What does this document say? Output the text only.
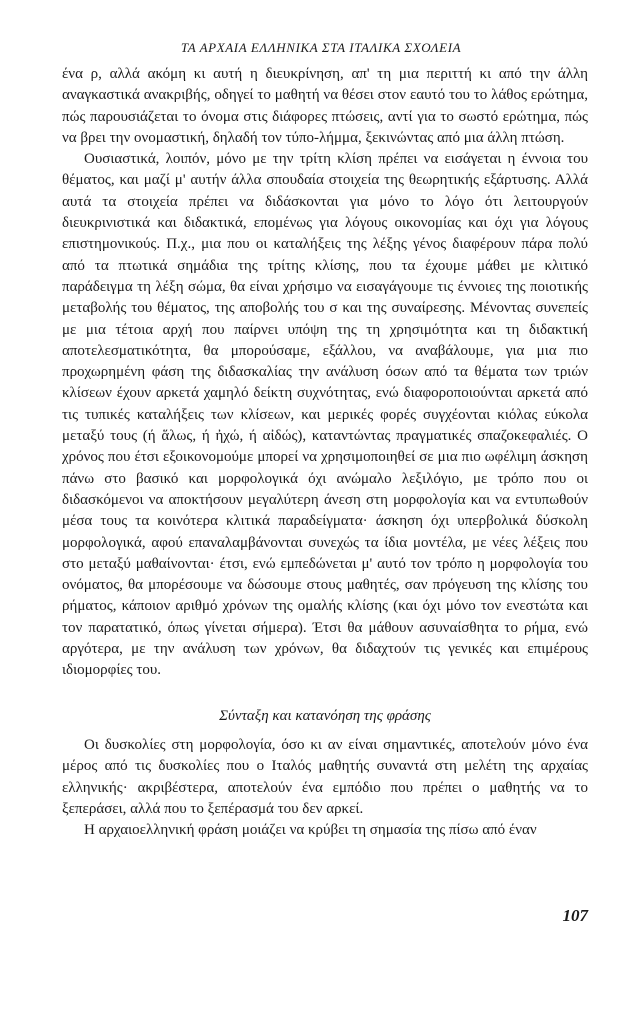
ΤΑ ΑΡΧΑΙΑ ΕΛΛΗΝΙΚΑ ΣΤΑ ΙΤΑΛΙΚΑ ΣΧΟΛΕΙΑ

ένα ρ, αλλά ακόμη κι αυτή η διευκρίνηση, απ' τη μια περιττή κι από την άλλη αναγκαστικά ανακριβής, οδηγεί το μαθητή να θέσει στον εαυτό του το λάθος ερώτημα, πώς παρουσιάζεται το όνομα στις διάφορες πτώσεις, αντί για το σωστό ερώτημα, πώς να βρει την ονομαστική, δηλαδή τον τύπο-λήμμα, ξεκινώντας από μια άλλη πτώση.

Ουσιαστικά, λοιπόν, μόνο με την τρίτη κλίση πρέπει να εισάγεται η έννοια του θέματος, και μαζί μ' αυτήν άλλα σπουδαία στοιχεία της θεωρητικής εξάρτυσης. Αλλά αυτά τα στοιχεία πρέπει να διδάσκονται για μόνο το λόγο ότι λειτουργούν διευκρινιστικά και διδακτικά, επομένως για λόγους οικονομίας και όχι για λόγους επιστημονικούς. Π.χ., μια που οι καταλήξεις της λέξης γένος διαφέρουν πάρα πολύ από τα πτωτικά σημάδια της τρίτης κλίσης, που τα έχουμε μάθει με κλιτικό παράδειγμα τη λέξη σώμα, θα είναι χρήσιμο να εισαγάγουμε τις έννοιες της ποιοτικής μεταβολής του θέματος, της αποβολής του σ και της συναίρεσης. Μένοντας συνεπείς με μια τέτοια αρχή που παίρνει υπόψη της τη χρησιμότητα και τη διδακτική αποτελεσματικότητα, θα μπορούσαμε, εξάλλου, να αναβάλουμε, για μια πιο προχωρημένη φάση της διδασκαλίας την ανάλυση όσων από τα θέματα των τριών κλίσεων έχουν αρκετά χαμηλό δείκτη συχνότητας, ενώ διαφοροποιούνται αρκετά από τις τυπικές καταλήξεις των κλίσεων, και μερικές φορές συγχέονται κιόλας εύκολα μεταξύ τους (ή ἅλως, ή ἠχώ, ή αἰδώς), καταντώντας πραγματικές σπαζοκεφαλιές. Ο χρόνος που έτσι εξοικονομούμε μπορεί να χρησιμοποιηθεί σε μια πιο ωφέλιμη άσκηση πάνω στο βασικό και μορφολογικά όχι ανώμαλο λεξιλόγιο, με τρόπο που οι διδασκόμενοι να αποκτήσουν μεγαλύτερη άνεση στη μορφολογία και να εντυπωθούν μέσα τους τα κοινότερα κλιτικά παραδείγματα· άσκηση όχι υπερβολικά δύσκολη μορφολογικά, αφού επαναλαμβάνονται συνεχώς τα ίδια μοντέλα, με νέες λέξεις που στο μεταξύ μαθαίνονται· έτσι, ενώ εμπεδώνεται μ' αυτό τον τρόπο η μορφολογία του ονόματος, θα μπορέσουμε να δώσουμε στους μαθητές, σαν πρόγευση της κλίσης του ρήματος, κάποιον αριθμό χρόνων της ομαλής κλίσης (και όχι μόνο τον ενεστώτα και τον παρατατικό, όπως γίνεται σήμερα). Έτσι θα μάθουν ασυναίσθητα το ρήμα, ενώ αργότερα, με την ανάλυση των χρόνων, θα διδαχτούν τις γενικές και επιμέρους ιδιομορφίες του.

Σύνταξη και κατανόηση της φράσης

Οι δυσκολίες στη μορφολογία, όσο κι αν είναι σημαντικές, αποτελούν μόνο ένα μέρος από τις δυσκολίες που ο Ιταλός μαθητής συναντά στη μελέτη της αρχαίας ελληνικής· ακριβέστερα, αποτελούν ένα εμπόδιο που πρέπει ο μαθητής να το ξεπεράσει, αλλά που το ξεπέρασμά του δεν αρκεί.

Η αρχαιοελληνική φράση μοιάζει να κρύβει τη σημασία της πίσω από έναν

107
